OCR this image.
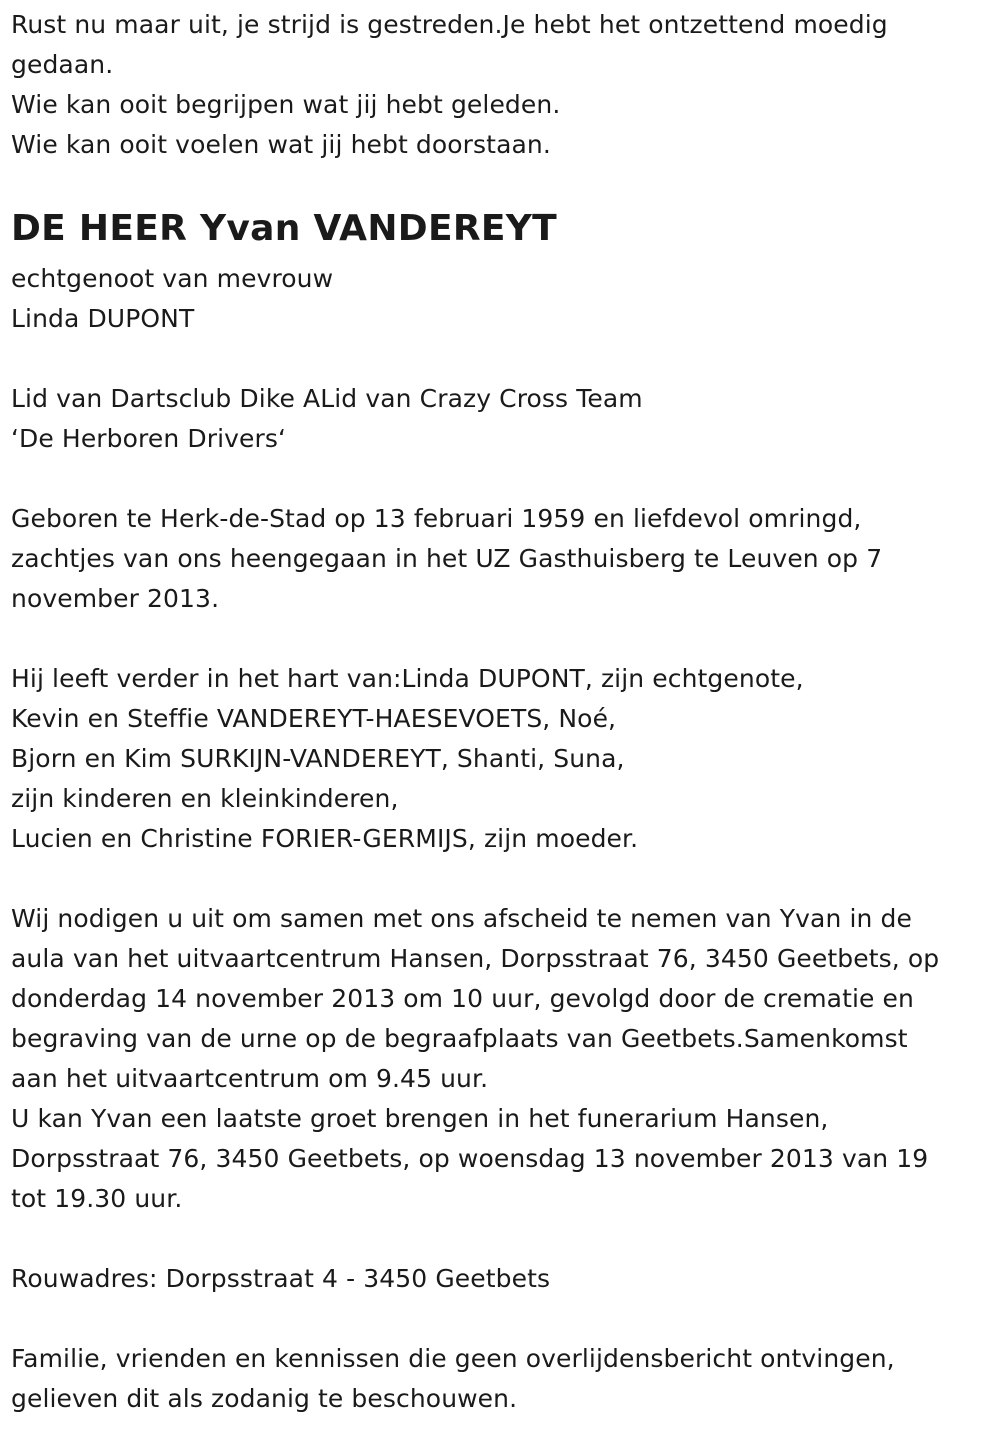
Rust nu maar uit, je strijd is gestreden.Je hebt het ontzettend moedig
gedaan.
Wie kan ooit begrijpen wat jij hebt geleden.
Wie kan ooit voelen wat jij hebt doorstaan.
DE HEER Yvan VANDEREYT
echtgenoot van mevrouw
Linda DUPONT
Lid van Dartsclub Dike ALid van Crazy Cross Team
‘De Herboren Drivers‘
Geboren te Herk-de-Stad op 13 februari 1959 en liefdevol omringd,
zachtjes van ons heengegaan in het UZ Gasthuisberg te Leuven op 7
november 2013.
Hij leeft verder in het hart van:Linda DUPONT, zijn echtgenote,
Kevin en Steffie VANDEREYT-HAESEVOETS, Noé,
Bjorn en Kim SURKIJN-VANDEREYT, Shanti, Suna,
zijn kinderen en kleinkinderen,
Lucien en Christine FORIER-GERMIJS, zijn moeder.
Wij nodigen u uit om samen met ons afscheid te nemen van Yvan in de
aula van het uitvaartcentrum Hansen, Dorpsstraat 76, 3450 Geetbets, op
donderdag 14 november 2013 om 10 uur, gevolgd door de crematie en
begraving van de urne op de begraafplaats van Geetbets.Samenkomst
aan het uitvaartcentrum om 9.45 uur.
U kan Yvan een laatste groet brengen in het funerarium Hansen,
Dorpsstraat 76, 3450 Geetbets, op woensdag 13 november 2013 van 19
tot 19.30 uur.
Rouwadres: Dorpsstraat 4 - 3450 Geetbets
Familie, vrienden en kennissen die geen overlijdensbericht ontvingen,
gelieven dit als zodanig te beschouwen.
